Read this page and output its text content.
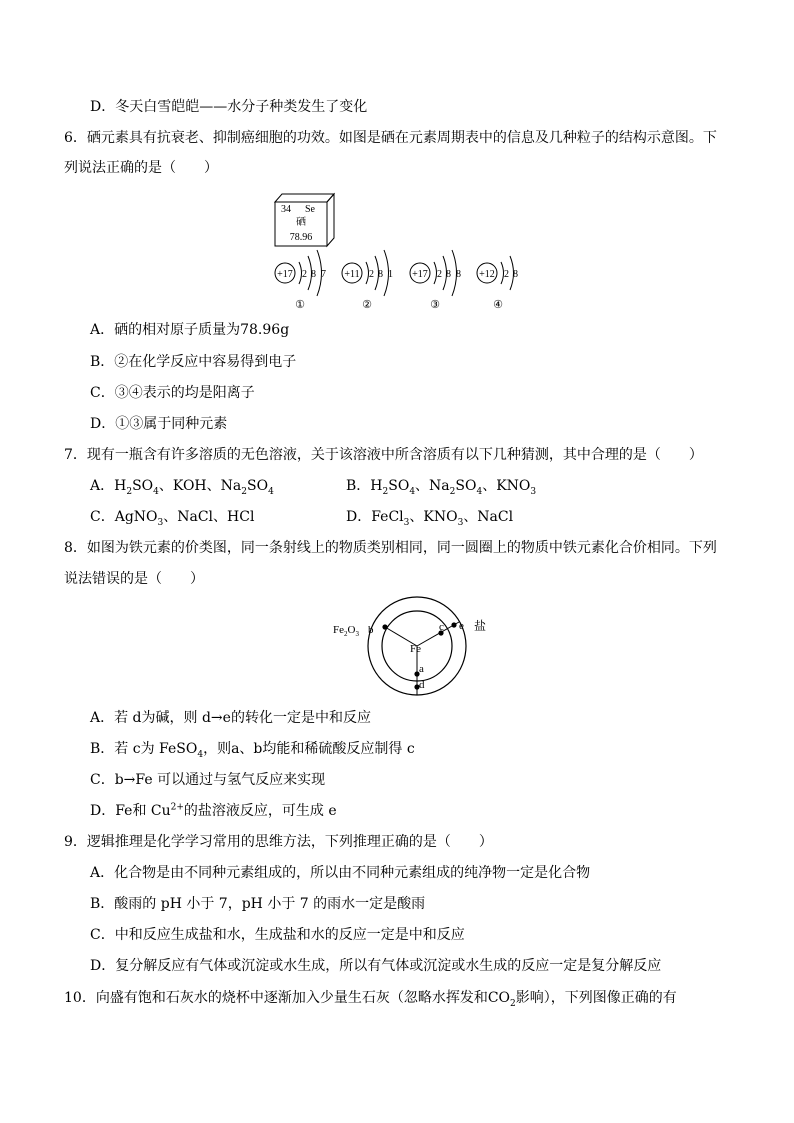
D．冬天白雪皑皑——水分子种类发生了变化
6．硒元素具有抗衰老、抑制癌细胞的功效。如图是硒在元素周期表中的信息及几种粒子的结构示意图。下
列说法正确的是（　　）
34 Se
硒
78.96
+17 2 8 7
①
+11 2 8 1
②
+17 2 8 8
③
+12 2 8
④
A．硒的相对原子质量为78.96g
B．②在化学反应中容易得到电子
C．③④表示的均是阳离子
D．①③属于同种元素
7．现有一瓶含有许多溶质的无色溶液，关于该溶液中所含溶质有以下几种猜测，其中合理的是（　　）
A．$H_2SO_4$、KOH、$Na_2SO_4$	B．$H_2SO_4$、$Na_2SO_4$、$KNO_3$
C．AgNO$_3$、NaCl、HCl	D．FeCl$_3$、$KNO_3$、NaCl
8．如图为铁元素的价类图，同一条射线上的物质类别相同，同一圆圈上的物质中铁元素化合价相同。下列
说法错误的是（　　）
$Fe_2O_3$ b	c e 盐
Fe
a
d
A．若 d为碱，则 d→e的转化一定是中和反应
B．若 c为 FeSO$_4$，则a、b均能和稀硫酸反应制得 c
C．b→Fe 可以通过与氢气反应来实现
D．Fe和 $Cu^{2+}$的盐溶液反应，可生成 e
9．逻辑推理是化学学习常用的思维方法，下列推理正确的是（　　）
A．化合物是由不同种元素组成的，所以由不同种元素组成的纯净物一定是化合物
B．酸雨的 pH 小于 7，pH 小于 7 的雨水一定是酸雨
C．中和反应生成盐和水，生成盐和水的反应一定是中和反应
D．复分解反应有气体或沉淀或水生成，所以有气体或沉淀或水生成的反应一定是复分解反应
10．向盛有饱和石灰水的烧杯中逐渐加入少量生石灰（忽略水挥发和$CO_2$影响），下列图像正确的有
